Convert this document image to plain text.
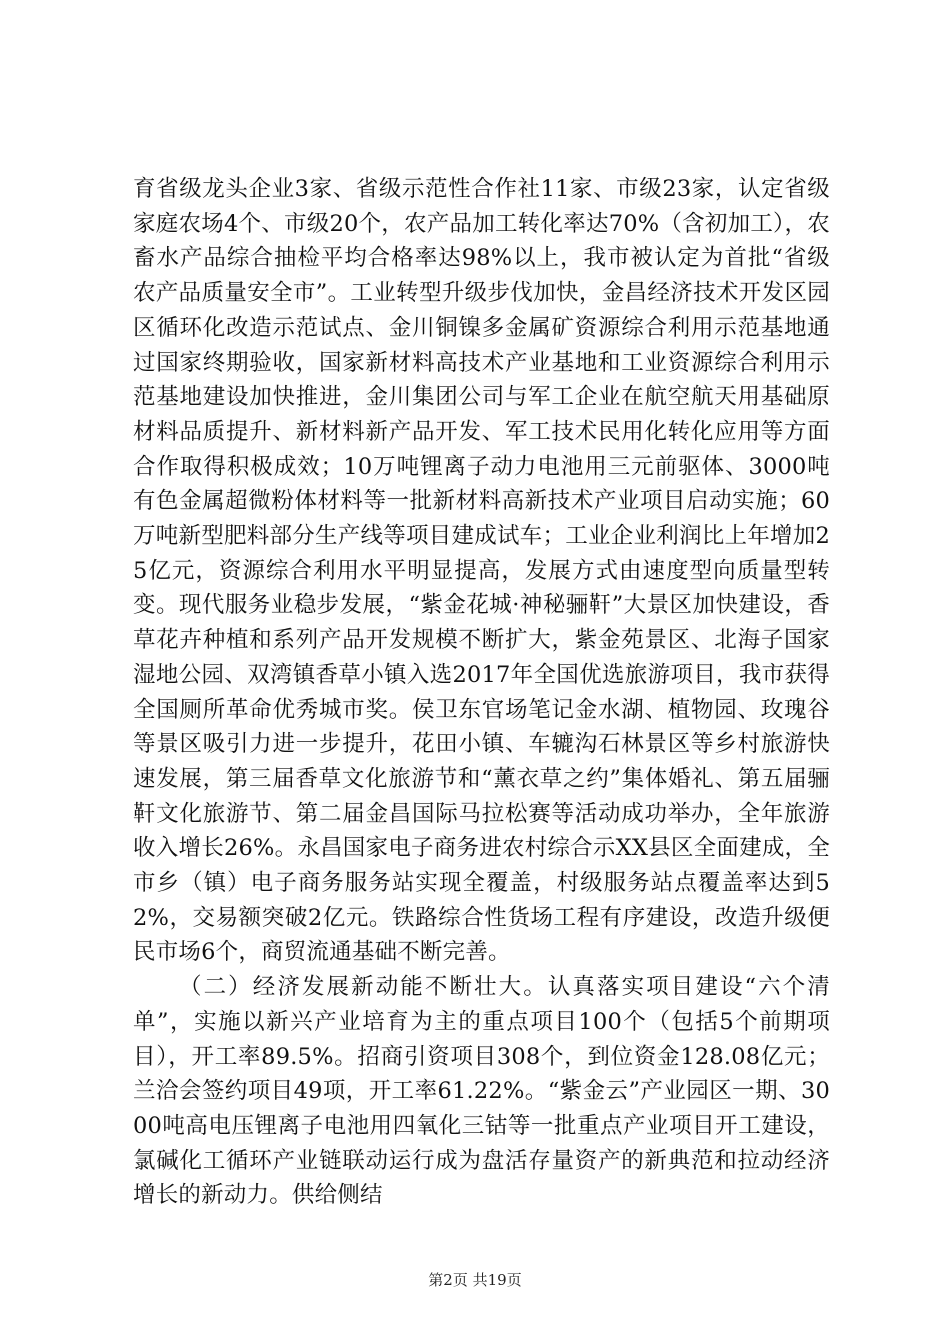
育省级龙头企业3家、省级示范性合作社11家、市级23家，认定省级家庭农场4个、市级20个，农产品加工转化率达70%（含初加工），农畜水产品综合抽检平均合格率达98%以上，我市被认定为首批“省级农产品质量安全市”。工业转型升级步伐加快，金昌经济技术开发区园区循环化改造示范试点、金川铜镍多金属矿资源综合利用示范基地通过国家终期验收，国家新材料高技术产业基地和工业资源综合利用示范基地建设加快推进，金川集团公司与军工企业在航空航天用基础原材料品质提升、新材料新产品开发、军工技术民用化转化应用等方面合作取得积极成效；10万吨锂离子动力电池用三元前驱体、3000吨有色金属超微粉体材料等一批新材料高新技术产业项目启动实施；60万吨新型肥料部分生产线等项目建成试车；工业企业利润比上年增加25亿元，资源综合利用水平明显提高，发展方式由速度型向质量型转变。现代服务业稳步发展，“紫金花城·神秘骊靬”大景区加快建设，香草花卉种植和系列产品开发规模不断扩大，紫金苑景区、北海子国家湿地公园、双湾镇香草小镇入选2017年全国优选旅游项目，我市获得全国厕所革命优秀城市奖。侯卫东官场笔记金水湖、植物园、玫瑰谷等景区吸引力进一步提升，花田小镇、车辘沟石林景区等乡村旅游快速发展，第三届香草文化旅游节和“薰衣草之约”集体婚礼、第五届骊靬文化旅游节、第二届金昌国际马拉松赛等活动成功举办，全年旅游收入增长26%。永昌国家电子商务进农村综合示XX县区全面建成，全市乡（镇）电子商务服务站实现全覆盖，村级服务站点覆盖率达到52%，交易额突破2亿元。铁路综合性货场工程有序建设，改造升级便民市场6个，商贸流通基础不断完善。

（二）经济发展新动能不断壮大。认真落实项目建设“六个清单”，实施以新兴产业培育为主的重点项目100个（包括5个前期项目），开工率89.5%。招商引资项目308个，到位资金128.08亿元；兰洽会签约项目49项，开工率61.22%。“紫金云”产业园区一期、3000吨高电压锂离子电池用四氧化三钴等一批重点产业项目开工建设，氯碱化工循环产业链联动运行成为盘活存量资产的新典范和拉动经济增长的新动力。供给侧结

第2页 共19页
